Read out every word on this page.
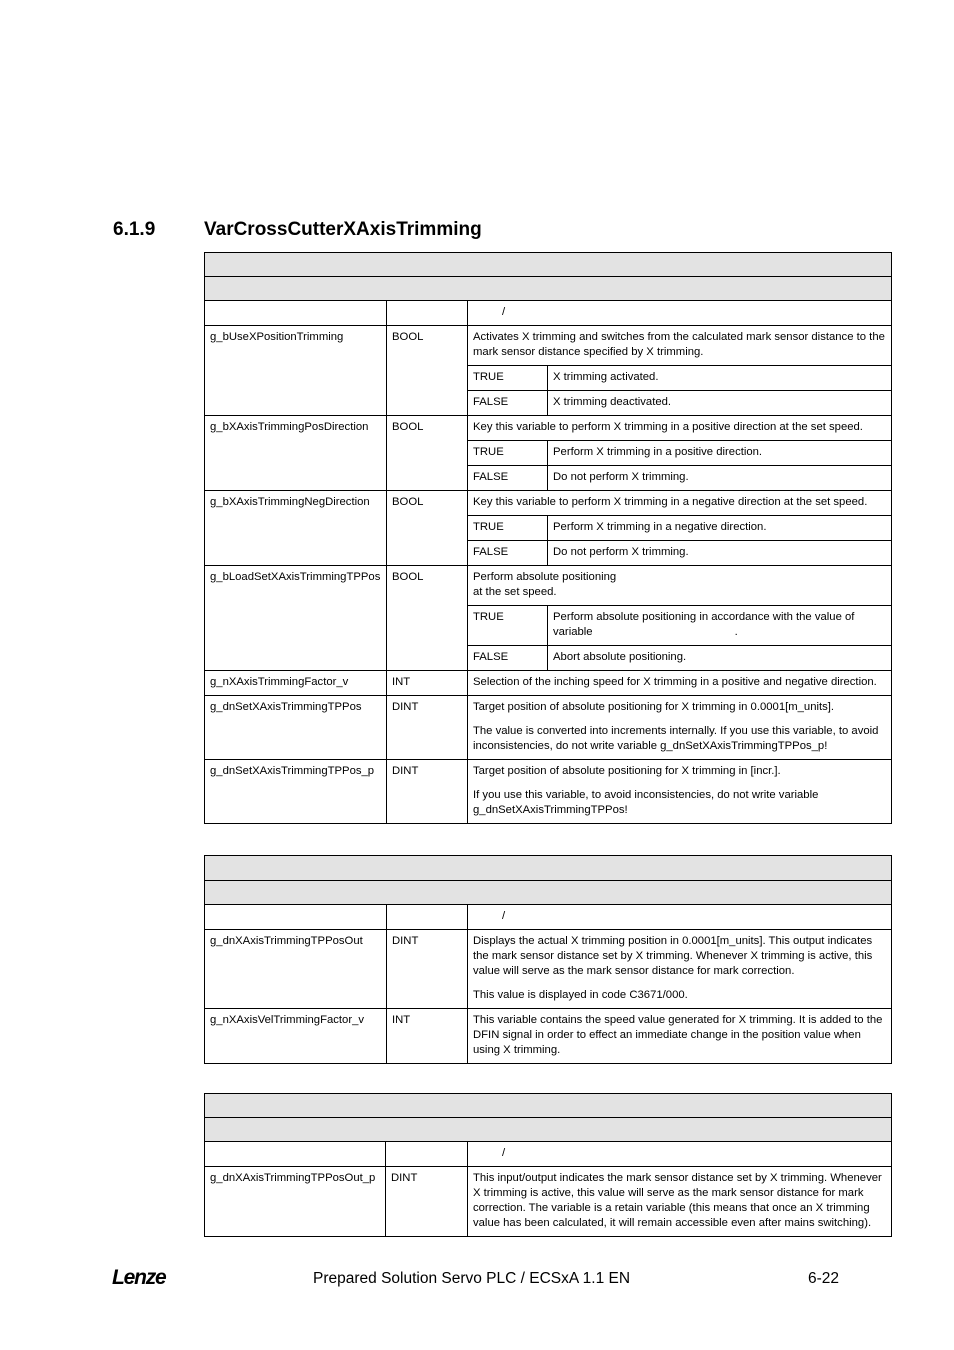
6.1.9	VarCrossCutterXAxisTrimming

		/	
g_bUseXPositionTrimming	BOOL	Activates X trimming and switches from the calculated mark sensor distance to the mark sensor distance specified by X trimming.	
		TRUE	X trimming activated.
		FALSE	X trimming deactivated.
g_bXAxisTrimmingPosDirection	BOOL	Key this variable to perform X trimming in a positive direction at the set speed.	
		TRUE	Perform X trimming in a positive direction.
		FALSE	Do not perform X trimming.
g_bXAxisTrimmingNegDirection	BOOL	Key this variable to perform X trimming in a negative direction at the set speed.	
		TRUE	Perform X trimming in a negative direction.
		FALSE	Do not perform X trimming.
g_bLoadSetXAxisTrimmingTPPos	BOOL	Perform absolute positioning
at the set speed.	
		TRUE	Perform absolute positioning in accordance with the value of
variable .
		FALSE	Abort absolute positioning.
g_nXAxisTrimmingFactor_v	INT	Selection of the inching speed for X trimming in a positive and negative direction.	
g_dnSetXAxisTrimmingTPPos	DINT	Target position of absolute positioning for X trimming in 0.0001[m_units].
The value is converted into increments internally. If you use this variable, to avoid inconsistencies, do not write variable g_dnSetXAxisTrimmingTPPos_p!	

g_dnSetXAxisTrimmingTPPos_p	DINT	Target position of absolute positioning for X trimming in [incr.].
If you use this variable, to avoid inconsistencies, do not write variable g_dnSetXAxisTrimmingTPPos!	

		/
g_dnXAxisTrimmingTPPosOut	DINT	Displays the actual X trimming position in 0.0001[m_units]. This output indicates the mark sensor distance set by X trimming. Whenever X trimming is active, this value will serve as the mark sensor distance for mark correction.
This value is displayed in code C3671/000.

g_nXAxisVelTrimmingFactor_v	INT	This variable contains the speed value generated for X trimming. It is added to the DFIN signal in order to effect an immediate change in the position value when using X trimming.

		/
g_dnXAxisTrimmingTPPosOut_p	DINT	This input/output indicates the mark sensor distance set by X trimming. Whenever X trimming is active, this value will serve as the mark sensor distance for mark correction. The variable is a retain variable (this means that once an X trimming value has been calculated, it will remain accessible even after mains switching).
Lenze	Prepared Solution Servo PLC / ECSxA 1.1 EN	6-22
